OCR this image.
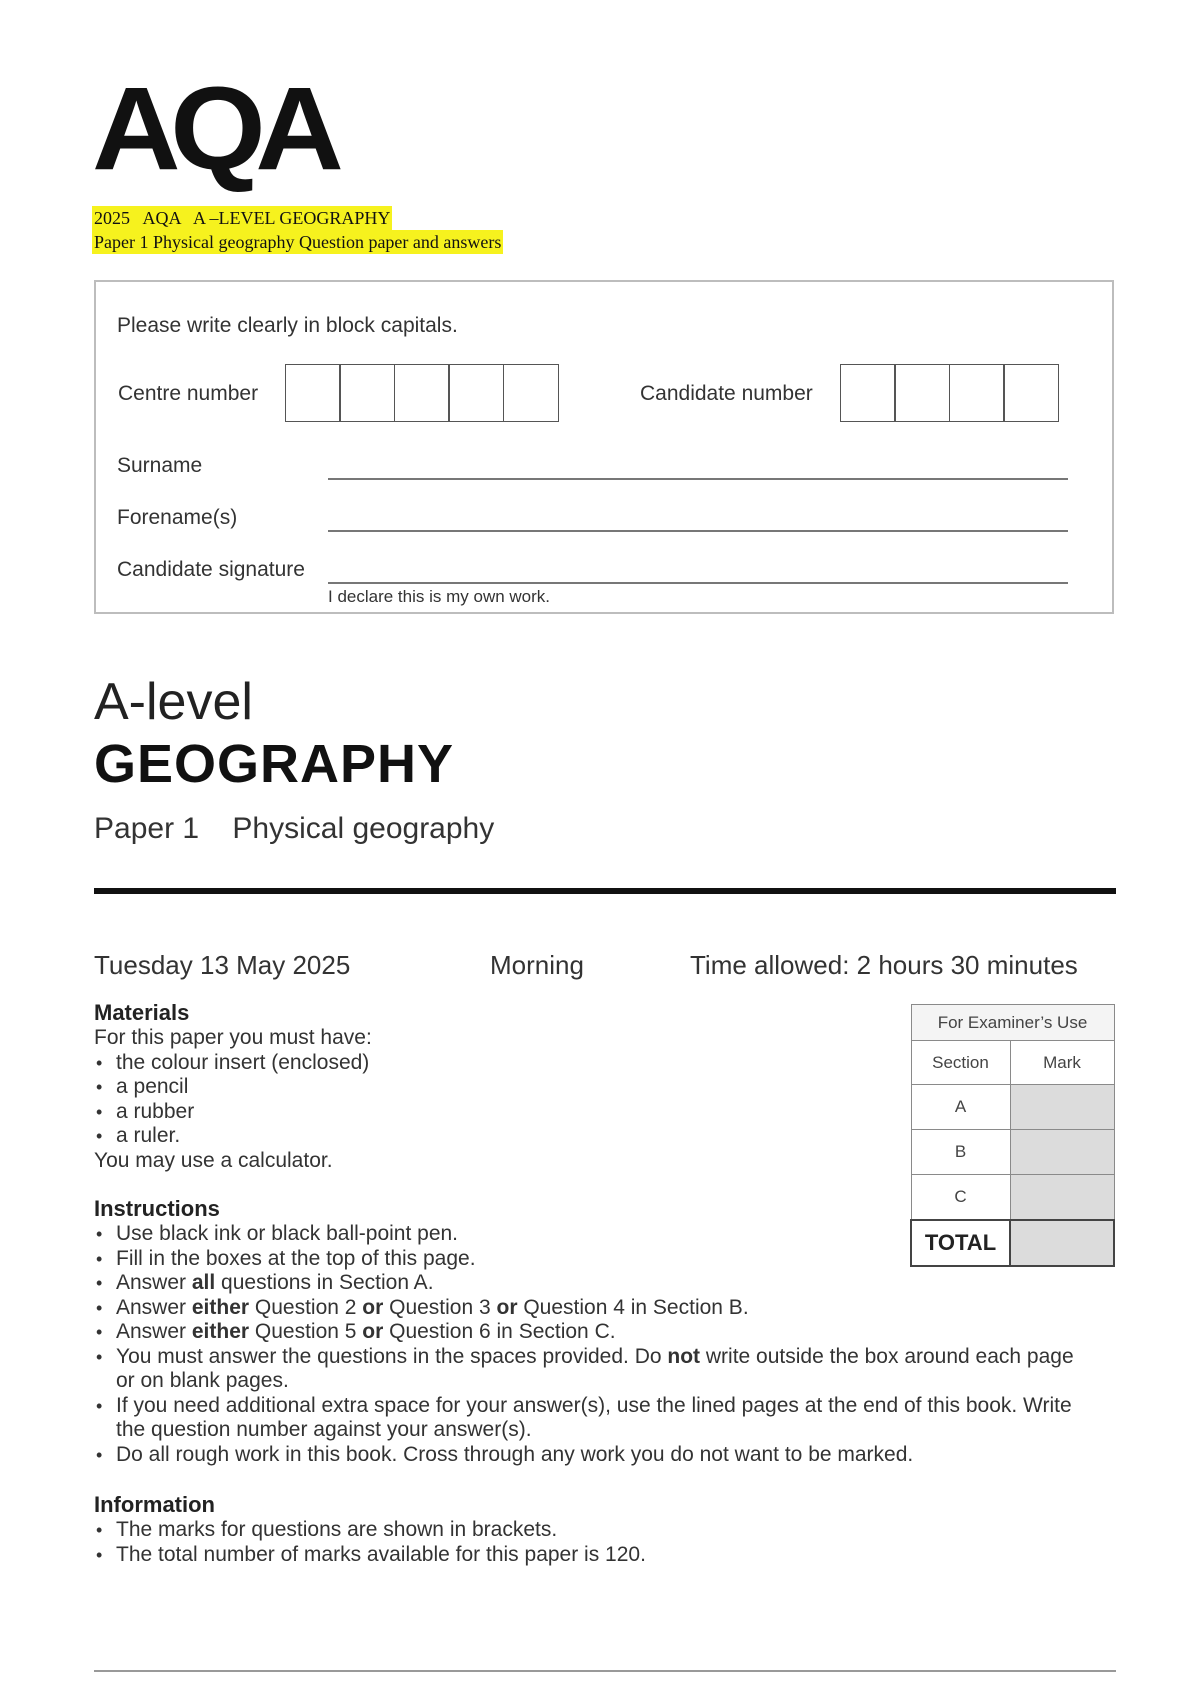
AQA
2025   AQA   A –LEVEL GEOGRAPHY
Paper 1 Physical geography Question paper and answers
Please write clearly in block capitals.
Centre number	Candidate number
Surname
Forename(s)
Candidate signature
I declare this is my own work.
A-level
GEOGRAPHY
Paper 1    Physical geography
Tuesday 13 May 2025	Morning	Time allowed: 2 hours 30 minutes
Materials
For this paper you must have:
• the colour insert (enclosed)
• a pencil
• a rubber
• a ruler.
You may use a calculator.
Instructions
• Use black ink or black ball-point pen.
• Fill in the boxes at the top of this page.
• Answer all questions in Section A.
• Answer either Question 2 or Question 3 or Question 4 in Section B.
• Answer either Question 5 or Question 6 in Section C.
• You must answer the questions in the spaces provided. Do not write outside the box around each page or on blank pages.
• If you need additional extra space for your answer(s), use the lined pages at the end of this book. Write the question number against your answer(s).
• Do all rough work in this book. Cross through any work you do not want to be marked.
Information
• The marks for questions are shown in brackets.
• The total number of marks available for this paper is 120.
For Examiner’s Use	
Section	Mark
A	
B	
C	
TOTAL	
